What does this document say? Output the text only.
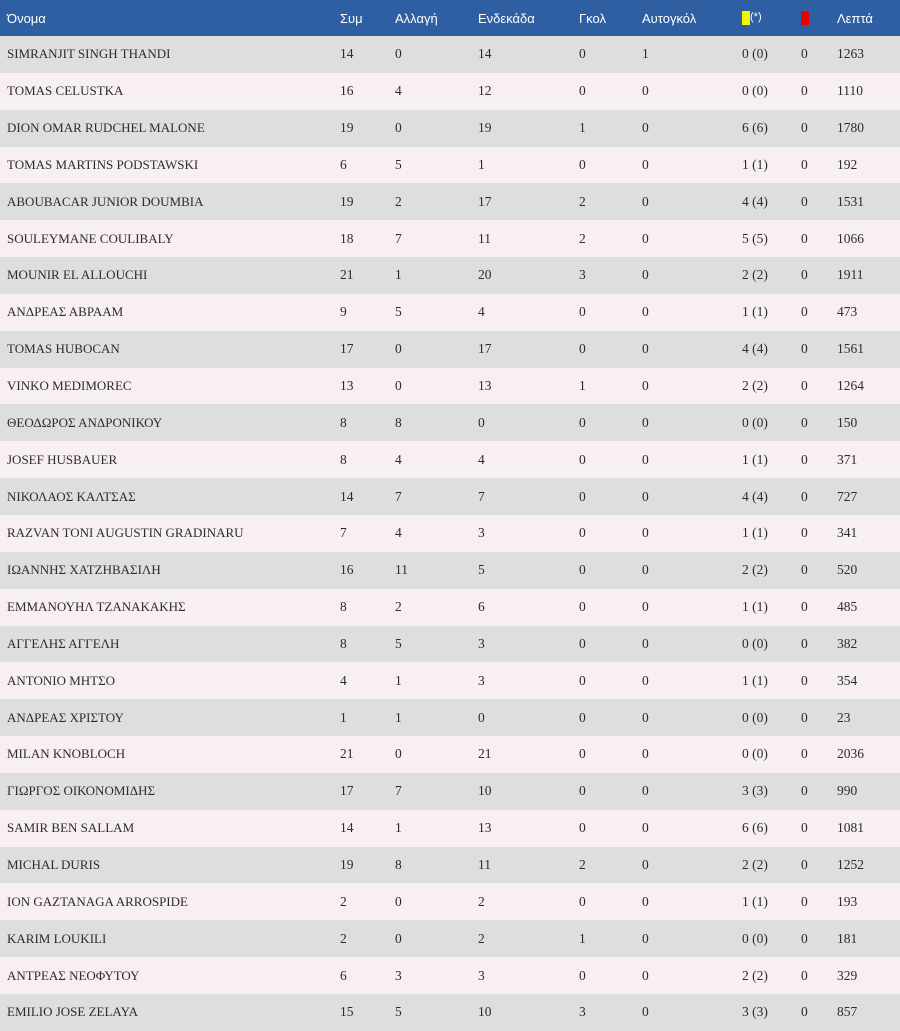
Όνομα	Συμ	Αλλαγή	Ενδεκάδα	Γκολ	Αυτογκόλ	(*)		Λεπτά
SIMRANJIT SINGH THANDI	14	0	14	0	1	0 (0)	0	1263
TOMAS CELUSTKA	16	4	12	0	0	0 (0)	0	1110
DION OMAR RUDCHEL MALONE	19	0	19	1	0	6 (6)	0	1780
TOMAS MARTINS PODSTAWSKI	6	5	1	0	0	1 (1)	0	192
ABOUBACAR JUNIOR DOUMBIA	19	2	17	2	0	4 (4)	0	1531
SOULEYMANE COULIBALY	18	7	11	2	0	5 (5)	0	1066
MOUNIR EL ALLOUCHI	21	1	20	3	0	2 (2)	0	1911
ΑΝΔΡΕΑΣ ΑΒΡΑΑΜ	9	5	4	0	0	1 (1)	0	473
TOMAS HUBOCAN	17	0	17	0	0	4 (4)	0	1561
VINKO MEDIMOREC	13	0	13	1	0	2 (2)	0	1264
ΘΕΟΔΩΡΟΣ ΑΝΔΡΟΝΙΚΟΥ	8	8	0	0	0	0 (0)	0	150
JOSEF HUSBAUER	8	4	4	0	0	1 (1)	0	371
ΝΙΚΟΛΑΟΣ ΚΑΛΤΣΑΣ	14	7	7	0	0	4 (4)	0	727
RAZVAN TONI AUGUSTIN GRADINARU	7	4	3	0	0	1 (1)	0	341
ΙΩΑΝΝΗΣ ΧΑΤΖΗΒΑΣΙΛΗ	16	11	5	0	0	2 (2)	0	520
ΕΜΜΑΝΟΥΗΛ ΤΖΑΝΑΚΑΚΗΣ	8	2	6	0	0	1 (1)	0	485
ΑΓΓΕΛΗΣ ΑΓΓΕΛΗ	8	5	3	0	0	0 (0)	0	382
ΑΝΤΟΝΙΟ ΜΗΤΣΟ	4	1	3	0	0	1 (1)	0	354
ΑΝΔΡΕΑΣ ΧΡΙΣΤΟΥ	1	1	0	0	0	0 (0)	0	23
MILAN KNOBLOCH	21	0	21	0	0	0 (0)	0	2036
ΓΙΩΡΓΟΣ ΟΙΚΟΝΟΜΙΔΗΣ	17	7	10	0	0	3 (3)	0	990
SAMIR BEN SALLAM	14	1	13	0	0	6 (6)	0	1081
MICHAL DURIS	19	8	11	2	0	2 (2)	0	1252
ION GAZTANAGA ARROSPIDE	2	0	2	0	0	1 (1)	0	193
KARIM LOUKILI	2	0	2	1	0	0 (0)	0	181
ΑΝΤΡΕΑΣ ΝΕΟΦΥΤΟΥ	6	3	3	0	0	2 (2)	0	329
EMILIO JOSE ZELAYA	15	5	10	3	0	3 (3)	0	857
